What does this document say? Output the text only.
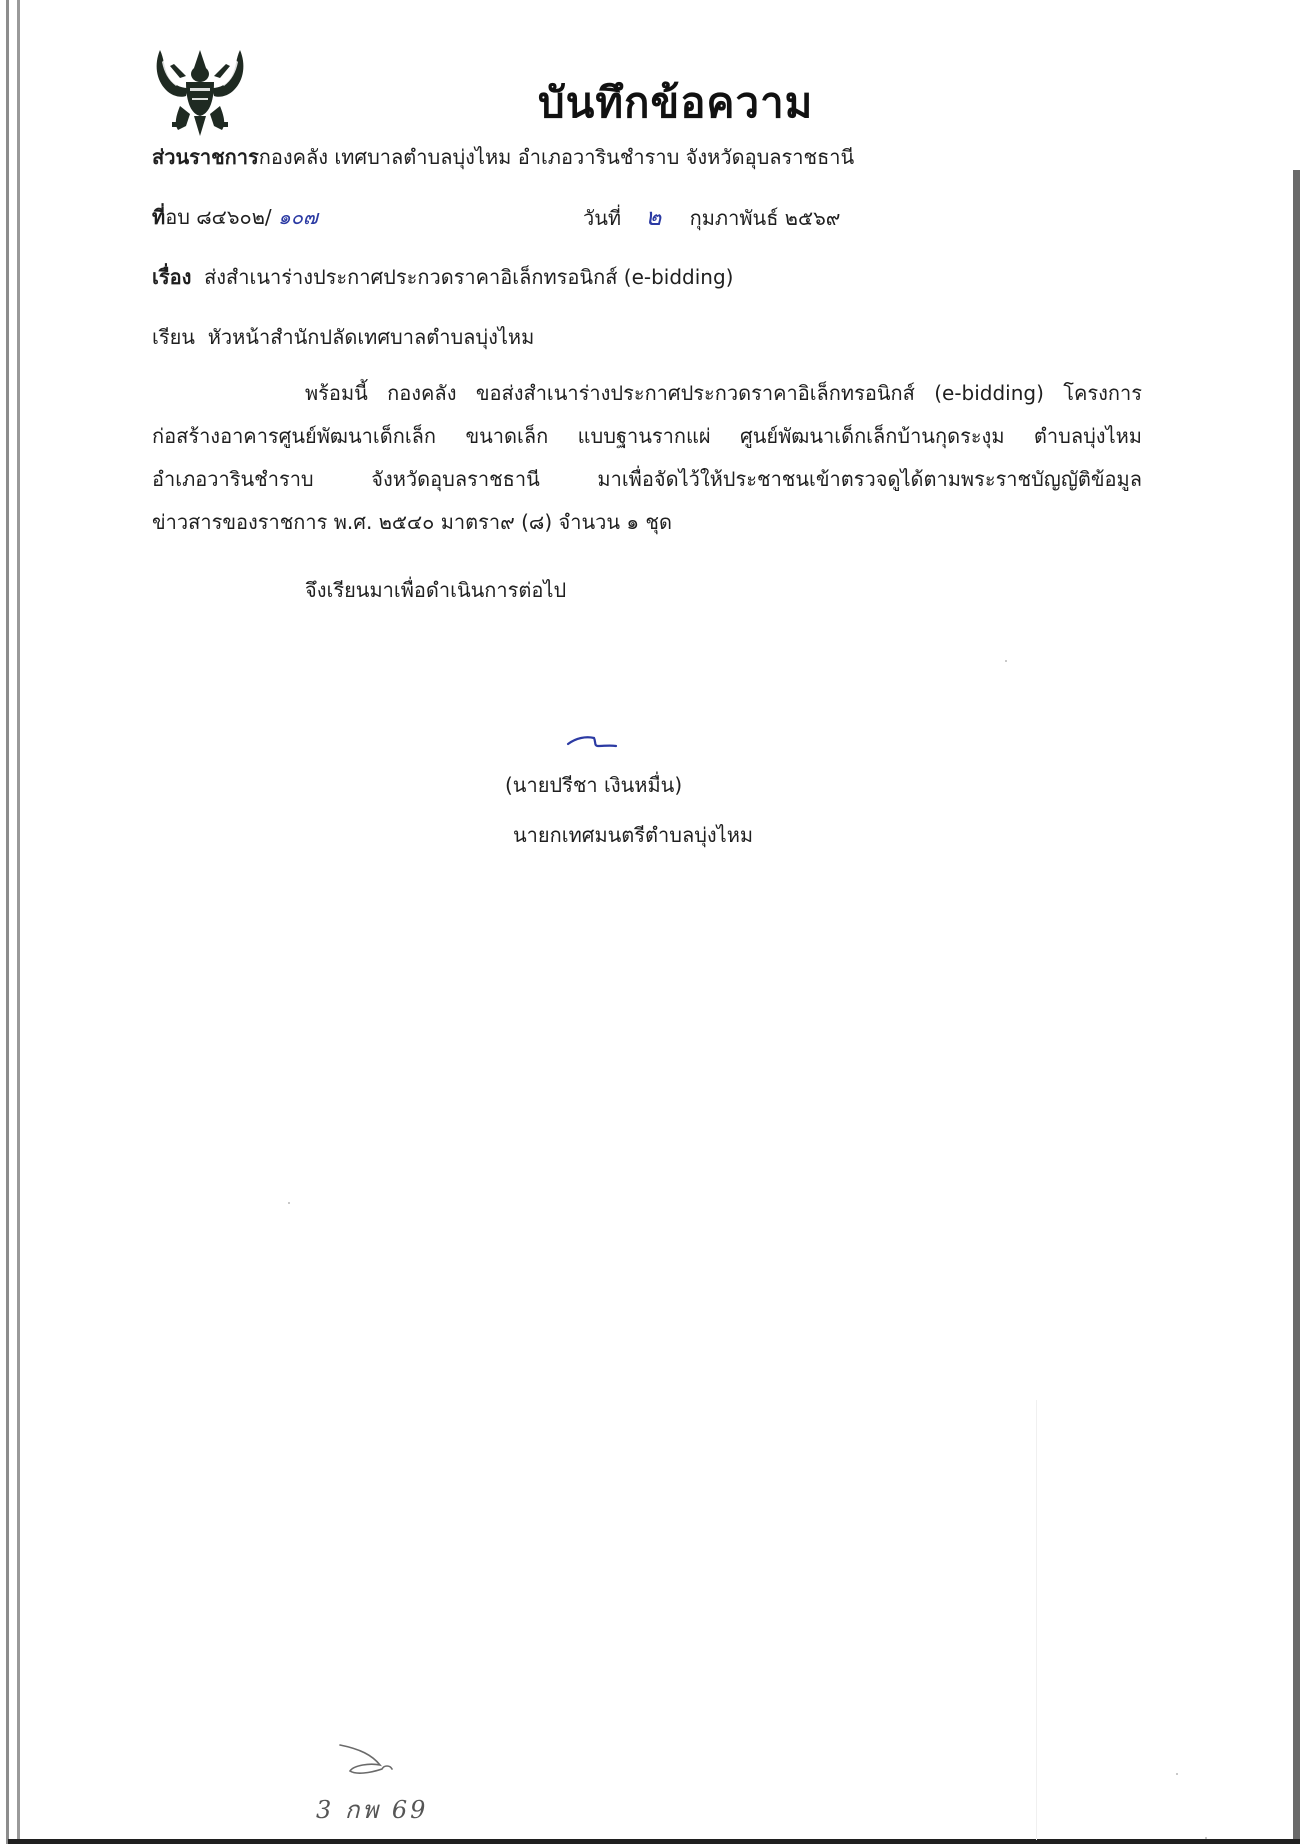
บันทึกข้อความ
ส่วนราชการกองคลัง เทศบาลตำบลบุ่งไหม อำเภอวารินชำราบ จังหวัดอุบลราชธานี
ที่อบ ๘๔๖๐๒/ ๑๐๗	วันที่ ๒ กุมภาพันธ์ ๒๕๖๙
เรื่อง ส่งสำเนาร่างประกาศประกวดราคาอิเล็กทรอนิกส์ (e-bidding)
เรียน หัวหน้าสำนักปลัดเทศบาลตำบลบุ่งไหม
พร้อมนี้ กองคลัง ขอส่งสำเนาร่างประกาศประกวดราคาอิเล็กทรอนิกส์ (e-bidding) โครงการ
ก่อสร้างอาคารศูนย์พัฒนาเด็กเล็ก ขนาดเล็ก แบบฐานรากแผ่ ศูนย์พัฒนาเด็กเล็กบ้านกุดระงุม ตำบลบุ่งไหม
อำเภอวารินชำราบ จังหวัดอุบลราชธานี มาเพื่อจัดไว้ให้ประชาชนเข้าตรวจดูได้ตามพระราชบัญญัติข้อมูล
ข่าวสารของราชการ พ.ศ. ๒๕๔๐ มาตรา๙ (๘) จำนวน ๑ ชุด
จึงเรียนมาเพื่อดำเนินการต่อไป
(นายปรีชา เงินหมื่น)
นายกเทศมนตรีตำบลบุ่งไหม
3 กพ 69
